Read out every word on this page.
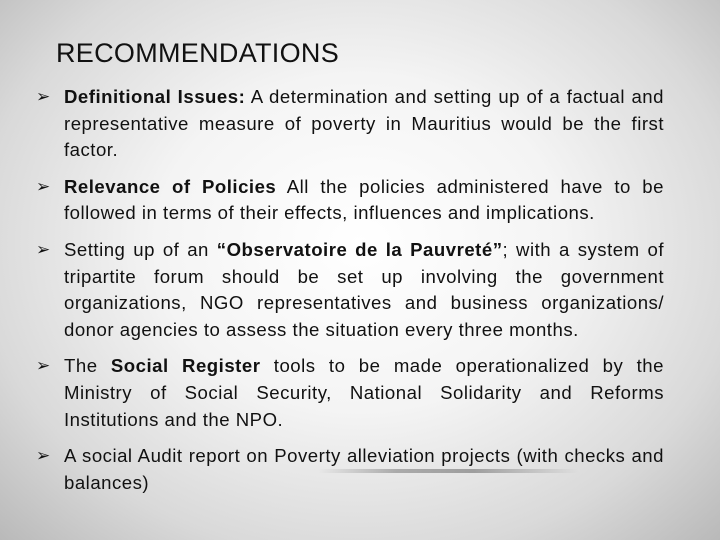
RECOMMENDATIONS
➢ Definitional Issues: A determination and setting up of a factual and representative measure of poverty in Mauritius would be the first factor.
➢ Relevance of Policies All the policies administered have to be followed in terms of their effects, influences and implications.
➢ Setting up of an “Observatoire de la Pauvreté”; with a system of tripartite forum should be set up involving the government organizations, NGO representatives and business organizations/ donor agencies to assess the situation every three months.
➢ The Social Register tools to be made operationalized by the Ministry of Social Security, National Solidarity and Reforms Institutions and the NPO.
➢ A social Audit report on Poverty alleviation projects (with checks and balances)
